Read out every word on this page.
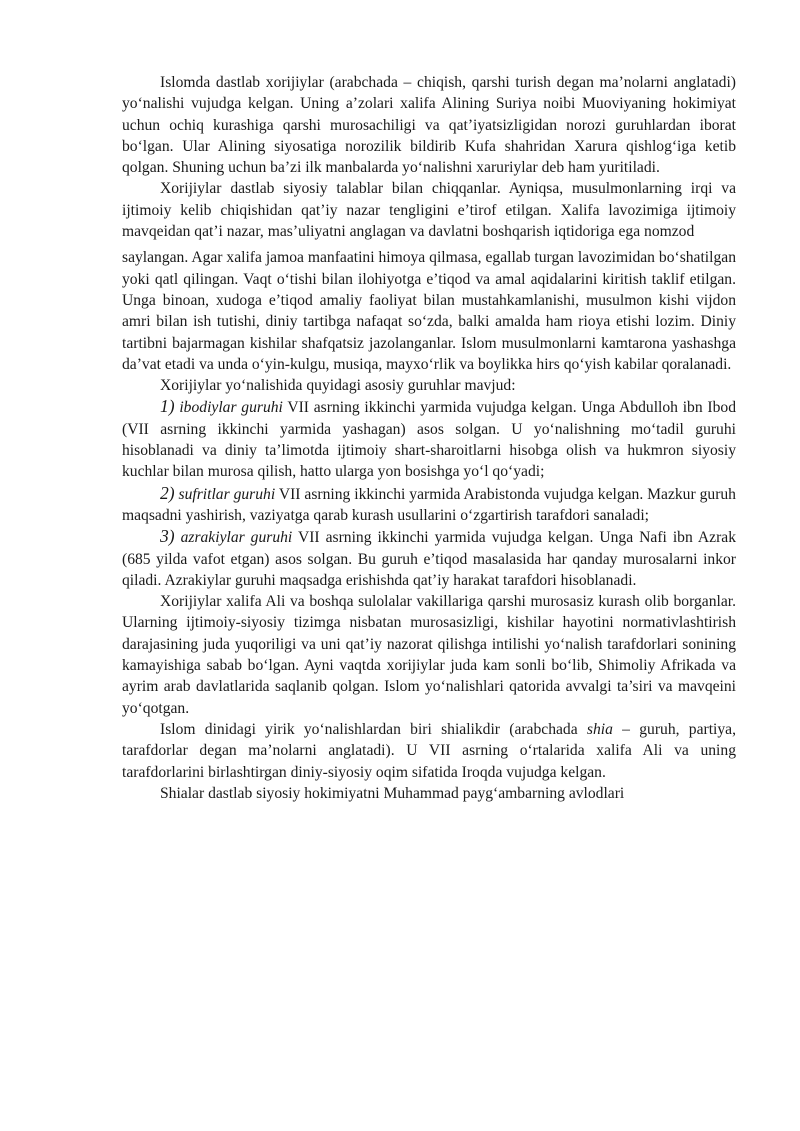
Islomda dastlab xorijiylar (arabchada – chiqish, qarshi turish degan ma’nolarni anglatadi) yo‘nalishi vujudga kelgan. Uning a’zolari xalifa Alining Suriya noibi Muoviyaning hokimiyat uchun ochiq kurashiga qarshi murosachiligi va qat’iyatsizligidan norozi guruhlardan iborat bo‘lgan. Ular Alining siyosatiga norozilik bildirib Kufa shahridan Xarura qishlog‘iga ketib qolgan. Shuning uchun ba’zi ilk manbalarda yo‘nalishni xaruriylar deb ham yuritiladi.

Xorijiylar dastlab siyosiy talablar bilan chiqqanlar. Ayniqsa, musulmonlarning irqi va ijtimoiy kelib chiqishidan qat’iy nazar tengligini e’tirof etilgan. Xalifa lavozimiga ijtimoiy mavqeidan qat’i nazar, mas’uliyatni anglagan va davlatni boshqarish iqtidoriga ega nomzod

saylangan. Agar xalifa jamoa manfaatini himoya qilmasa, egallab turgan lavozimidan bo‘shatilgan yoki qatl qilingan. Vaqt o‘tishi bilan ilohiyotga e’tiqod va amal aqidalarini kiritish taklif etilgan. Unga binoan, xudoga e’tiqod amaliy faoliyat bilan mustahkamlanishi, musulmon kishi vijdon amri bilan ish tutishi, diniy tartibga nafaqat so‘zda, balki amalda ham rioya etishi lozim. Diniy tartibni bajarmagan kishilar shafqatsiz jazolanganlar. Islom musulmonlarni kamtarona yashashga da’vat etadi va unda o‘yin-kulgu, musiqa, mayxo‘rlik va boylikka hirs qo‘yish kabilar qoralanadi.

Xorijiylar yo‘nalishida quyidagi asosiy guruhlar mavjud:

1) ibodiylar guruhi VII asrning ikkinchi yarmida vujudga kelgan. Unga Abdulloh ibn Ibod (VII asrning ikkinchi yarmida yashagan) asos solgan. U yo‘nalishning mo‘tadil guruhi hisoblanadi va diniy ta’limotda ijtimoiy shart-sharoitlarni hisobga olish va hukmron siyosiy kuchlar bilan murosa qilish, hatto ularga yon bosishga yo‘l qo‘yadi;

2) sufritlar guruhi VII asrning ikkinchi yarmida Arabistonda vujudga kelgan. Mazkur guruh maqsadni yashirish, vaziyatga qarab kurash usullarini o‘zgartirish tarafdori sanaladi;

3) azrakiylar guruhi VII asrning ikkinchi yarmida vujudga kelgan. Unga Nafi ibn Azrak (685 yilda vafot etgan) asos solgan. Bu guruh e’tiqod masalasida har qanday murosalarni inkor qiladi. Azrakiylar guruhi maqsadga erishishda qat’iy harakat tarafdori hisoblanadi.

Xorijiylar xalifa Ali va boshqa sulolalar vakillariga qarshi murosasiz kurash olib borganlar. Ularning ijtimoiy-siyosiy tizimga nisbatan murosasizligi, kishilar hayotini normativlashtirish darajasining juda yuqoriligi va uni qat’iy nazorat qilishga intilishi yo‘nalish tarafdorlari sonining kamayishiga sabab bo‘lgan. Ayni vaqtda xorijiylar juda kam sonli bo‘lib, Shimoliy Afrikada va ayrim arab davlatlarida saqlanib qolgan. Islom yo‘nalishlari qatorida avvalgi ta’siri va mavqeini yo‘qotgan.

Islom dinidagi yirik yo‘nalishlardan biri shialikdir (arabchada shia – guruh, partiya, tarafdorlar degan ma’nolarni anglatadi). U VII asrning o‘rtalarida xalifa Ali va uning tarafdorlarini birlashtirgan diniy-siyosiy oqim sifatida Iroqda vujudga kelgan.

Shialar dastlab siyosiy hokimiyatni Muhammad payg‘ambarning avlodlari
